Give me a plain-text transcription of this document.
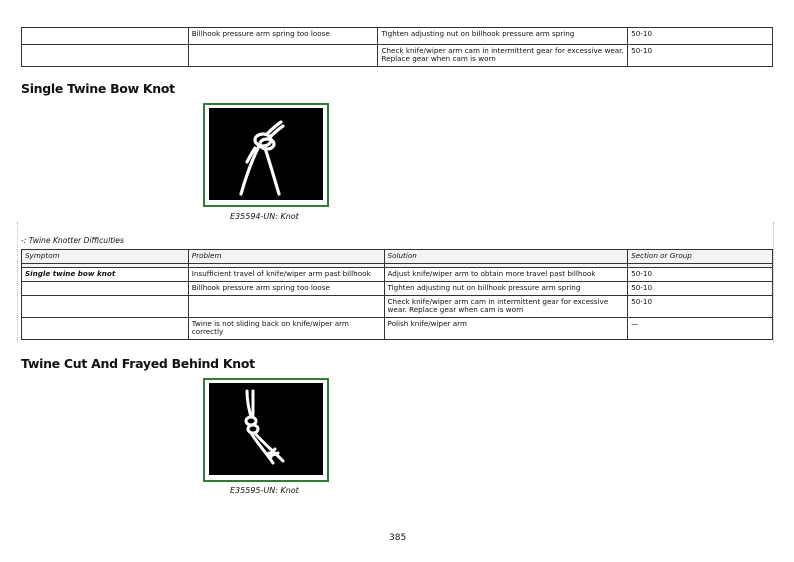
	Billhook pressure arm spring too loose	Tighten adjusting nut on billhook pressure arm spring	50-10
		Check knife/wiper arm cam in intermittent gear for excessive wear. Replace gear when cam is worn	50-10
Single Twine Bow Knot
E35594-UN: Knot
-: Twine Knotter Difficulties
Symptom	Problem	Solution	Section or Group

Single twine bow knot	Insufficient travel of knife/wiper arm past billhook	Adjust knife/wiper arm to obtain more travel past billhook	50-10
	Billhook pressure arm spring too loose	Tighten adjusting nut on billhook pressure arm spring	50-10
		Check knife/wiper arm cam in intermittent gear for excessive wear. Replace gear when cam is worn	50-10
	Twine is not sliding back on knife/wiper arm correctly	Polish knife/wiper arm	—
Twine Cut And Frayed Behind Knot
E35595-UN: Knot
385
